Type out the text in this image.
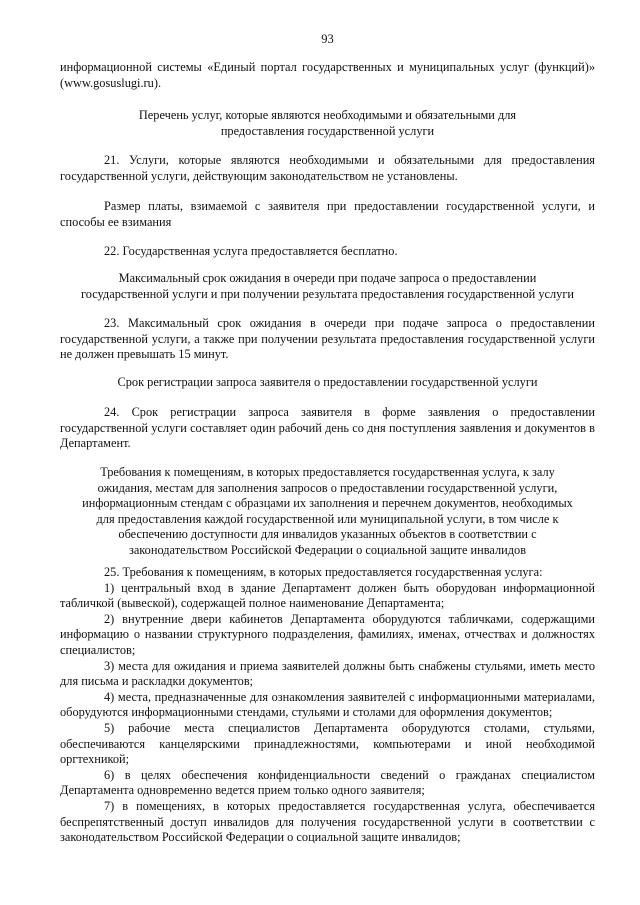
93

информационной системы «Единый портал государственных и муниципальных услуг (функций)» (www.gosuslugi.ru).

Перечень услуг, которые являются необходимыми и обязательными для

предоставления государственной услуги

21. Услуги, которые являются необходимыми и обязательными для предоставления государственной услуги, действующим законодательством не установлены.

Размер платы, взимаемой с заявителя при предоставлении государственной услуги, и способы ее взимания

22. Государственная услуга предоставляется бесплатно.

Максимальный срок ожидания в очереди при подаче запроса о предоставлении

государственной услуги и при получении результата предоставления государственной услуги

23. Максимальный срок ожидания в очереди при подаче запроса о предоставлении государственной услуги, а также при получении результата предоставления государственной услуги не должен превышать 15 минут.

Срок регистрации запроса заявителя о предоставлении государственной услуги

24. Срок регистрации запроса заявителя в форме заявления о предоставлении государственной услуги составляет один рабочий день со дня поступления заявления и документов в Департамент.

Требования к помещениям, в которых предоставляется государственная услуга, к залу

ожидания, местам для заполнения запросов о предоставлении государственной услуги,

информационным стендам с образцами их заполнения и перечнем документов, необходимых

для предоставления каждой государственной или муниципальной услуги, в том числе к

обеспечению доступности для инвалидов указанных объектов в соответствии с

законодательством Российской Федерации о социальной защите инвалидов

25. Требования к помещениям, в которых предоставляется государственная услуга:

1) центральный вход в здание Департамент должен быть оборудован информационной табличкой (вывеской), содержащей полное наименование Департамента;

2) внутренние двери кабинетов Департамента оборудуются табличками, содержащими информацию о названии структурного подразделения, фамилиях, именах, отчествах и должностях специалистов;

3) места для ожидания и приема заявителей должны быть снабжены стульями, иметь место для письма и раскладки документов;

4) места, предназначенные для ознакомления заявителей с информационными материалами, оборудуются информационными стендами, стульями и столами для оформления документов;

5) рабочие места специалистов Департамента оборудуются столами, стульями, обеспечиваются канцелярскими принадлежностями, компьютерами и иной необходимой оргтехникой;

6) в целях обеспечения конфиденциальности сведений о гражданах специалистом Департамента одновременно ведется прием только одного заявителя;

7) в помещениях, в которых предоставляется государственная услуга, обеспечивается беспрепятственный доступ инвалидов для получения государственной услуги в соответствии с законодательством Российской Федерации о социальной защите инвалидов;
